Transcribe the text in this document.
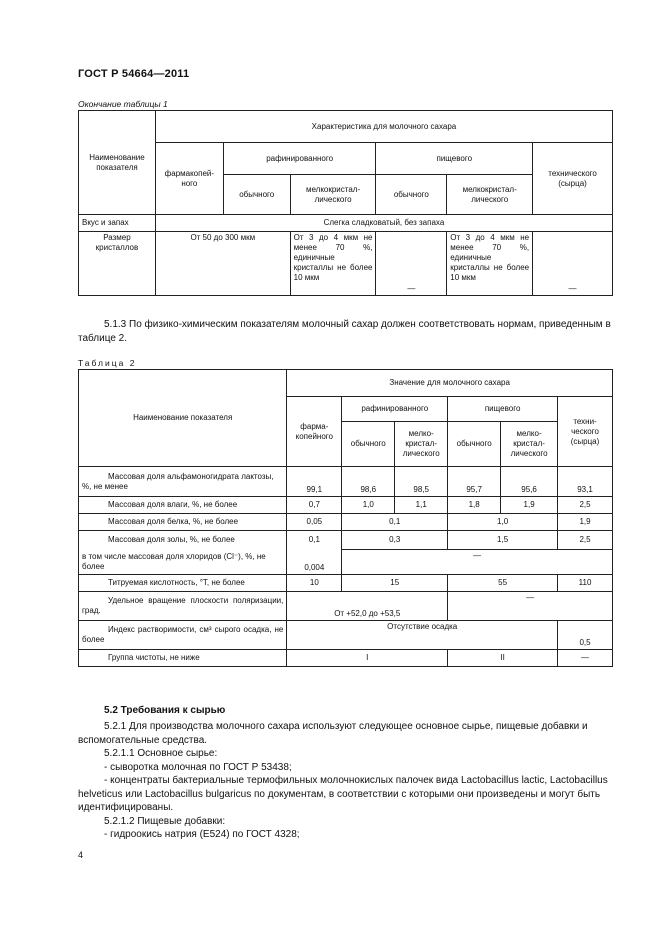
ГОСТ Р 54664—2011
Окончание таблицы 1
Наименование показателя	Характеристика для молочного сахара					
	фармакопей-ного	рафинированного		пищевого		технического (сырца)
		обычного	мелкокристал-лического	обычного	мелкокристал-лического	
Вкус и запах	Слегка сладковатый, без запаха					
Размер кристаллов	От 50 до 300 мкм		От 3 до 4 мкм не менее 70 %, единичные кристаллы не более 10 мкм	—	От 3 до 4 мкм не менее 70 %, единичные кристаллы не более 10 мкм	—
5.1.3 По физико-химическим показателям молочный сахар должен соответствовать нормам, приведенным в таблице 2.
Таблица 2
Наименование показателя	Значение для молочного сахара					
	фарма-копейного	рафинированного		пищевого		техни-ческого (сырца)
		обычного	мелко-кристал-лического	обычного	мелко-кристал-лического	
Массовая доля альфамоногидрата лактозы, %, не менее	99,1	98,6	98,5	95,7	95,6	93,1
Массовая доля влаги, %, не более	0,7	1,0	1,1	1,8	1,9	2,5
Массовая доля белка, %, не более	0,05	0,1		1,0		1,9
Массовая доля золы, %, не более	0,1	0,3		1,5		2,5
в том числе массовая доля хлоридов (Cl⁻), %, не более	0,004	—				
Титруемая кислотность, °Т, не более	10	15		55		110
Удельное вращение плоскости поляризации, град.	От +52,0 до +53,5			—		
Индекс растворимости, см³ сырого осадка, не более	Отсутствие осадка					0,5
Группа чистоты, не ниже	I			II		—
5.2 Требования к сырью
5.2.1 Для производства молочного сахара используют следующее основное сырье, пищевые добавки и вспомогательные средства.
5.2.1.1 Основное сырье:
- сыворотка молочная по ГОСТ Р 53438;
- концентраты бактериальные термофильных молочнокислых палочек вида Lactobacillus lactic, Lactobacillus helveticus или Lactobacillus bulgaricus по документам, в соответствии с которыми они произведены и могут быть идентифицированы.
5.2.1.2 Пищевые добавки:
- гидроокись натрия (Е524) по ГОСТ 4328;
4
